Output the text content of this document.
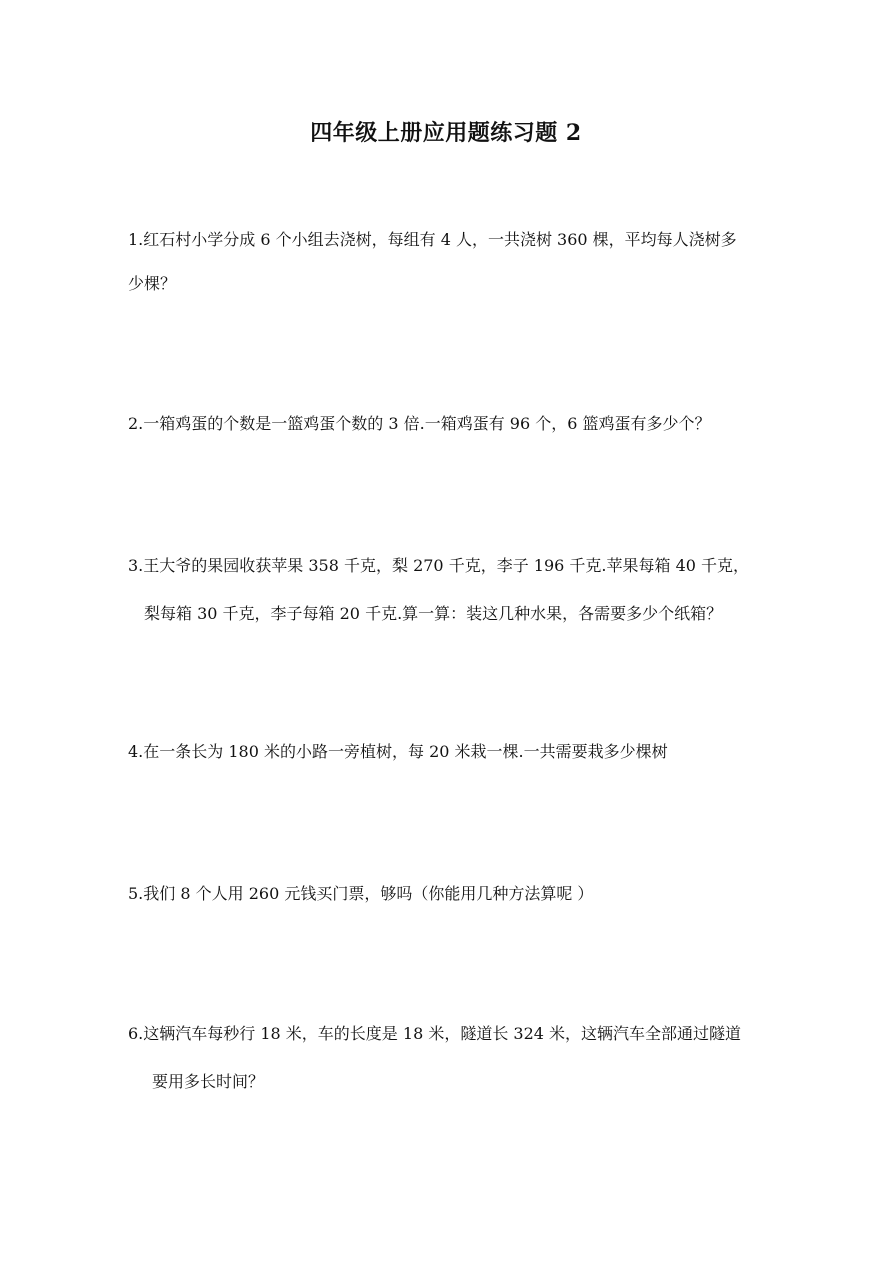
四年级上册应用题练习题 2
1.红石村小学分成 6 个小组去浇树，每组有 4 人，一共浇树 360 棵，平均每人浇树多
少棵？
2.一箱鸡蛋的个数是一篮鸡蛋个数的 3 倍.一箱鸡蛋有 96 个，6 篮鸡蛋有多少个？
3.王大爷的果园收获苹果 358 千克，梨 270 千克，李子 196 千克.苹果每箱 40 千克，
梨每箱 30 千克，李子每箱 20 千克.算一算：装这几种水果，各需要多少个纸箱？
4.在一条长为 180 米的小路一旁植树，每 20 米栽一棵.一共需要栽多少棵树
5.我们 8 个人用 260 元钱买门票，够吗（你能用几种方法算呢 ）
6.这辆汽车每秒行 18 米，车的长度是 18 米，隧道长 324 米，这辆汽车全部通过隧道
要用多长时间？
